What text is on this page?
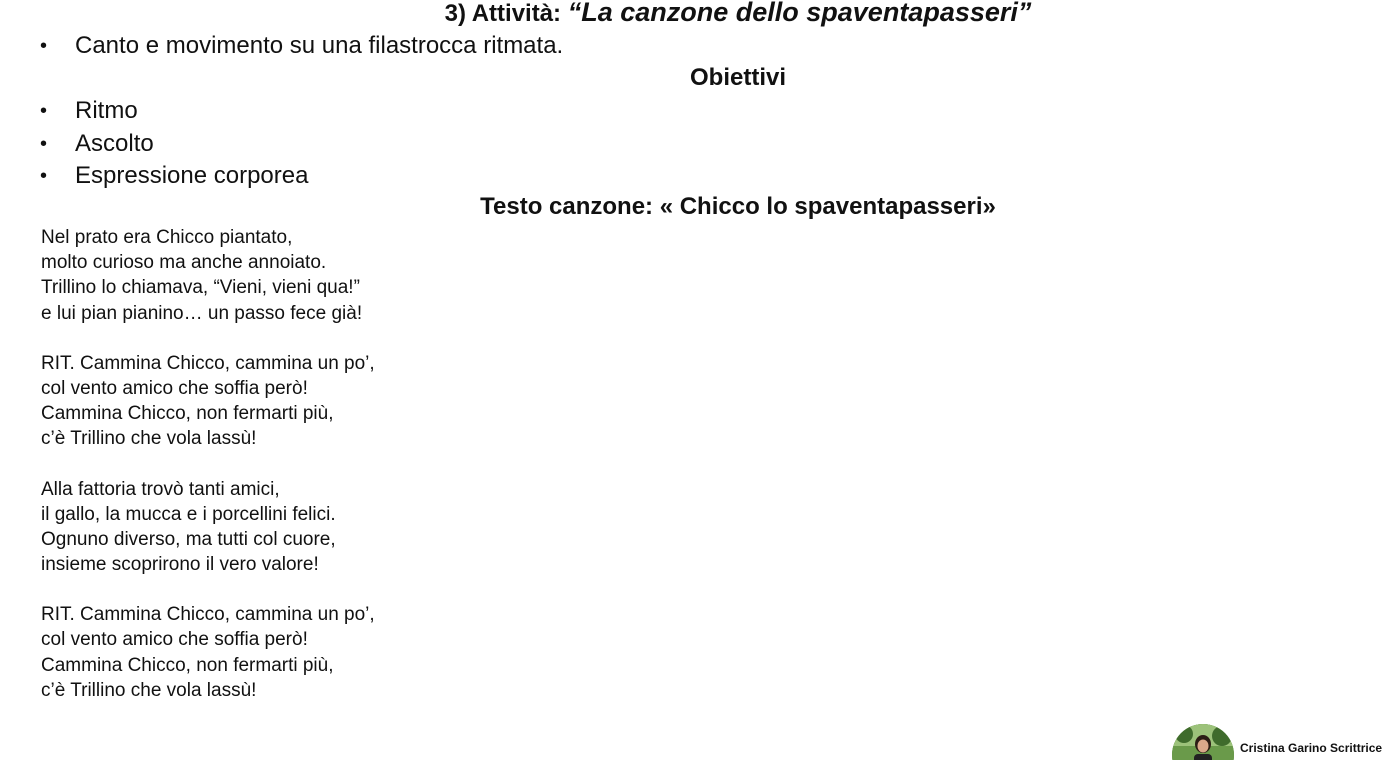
3) Attività: “La canzone dello spaventapasseri”
• Canto e movimento su una filastrocca ritmata.
Obiettivi
• Ritmo
• Ascolto
• Espressione corporea
Testo canzone: « Chicco lo spaventapasseri»
Nel prato era Chicco piantato,
molto curioso ma anche annoiato.
Trillino lo chiamava, “Vieni, vieni qua!”
e lui pian pianino… un passo fece già!
RIT. Cammina Chicco, cammina un po’,
col vento amico che soffia però!
Cammina Chicco, non fermarti più,
c’è Trillino che vola lassù!
Alla fattoria trovò tanti amici,
il gallo, la mucca e i porcellini felici.
Ognuno diverso, ma tutti col cuore,
insieme scoprirono il vero valore!
RIT. Cammina Chicco, cammina un po’,
col vento amico che soffia però!
Cammina Chicco, non fermarti più,
c’è Trillino che vola lassù!
Cristina Garino Scrittrice
